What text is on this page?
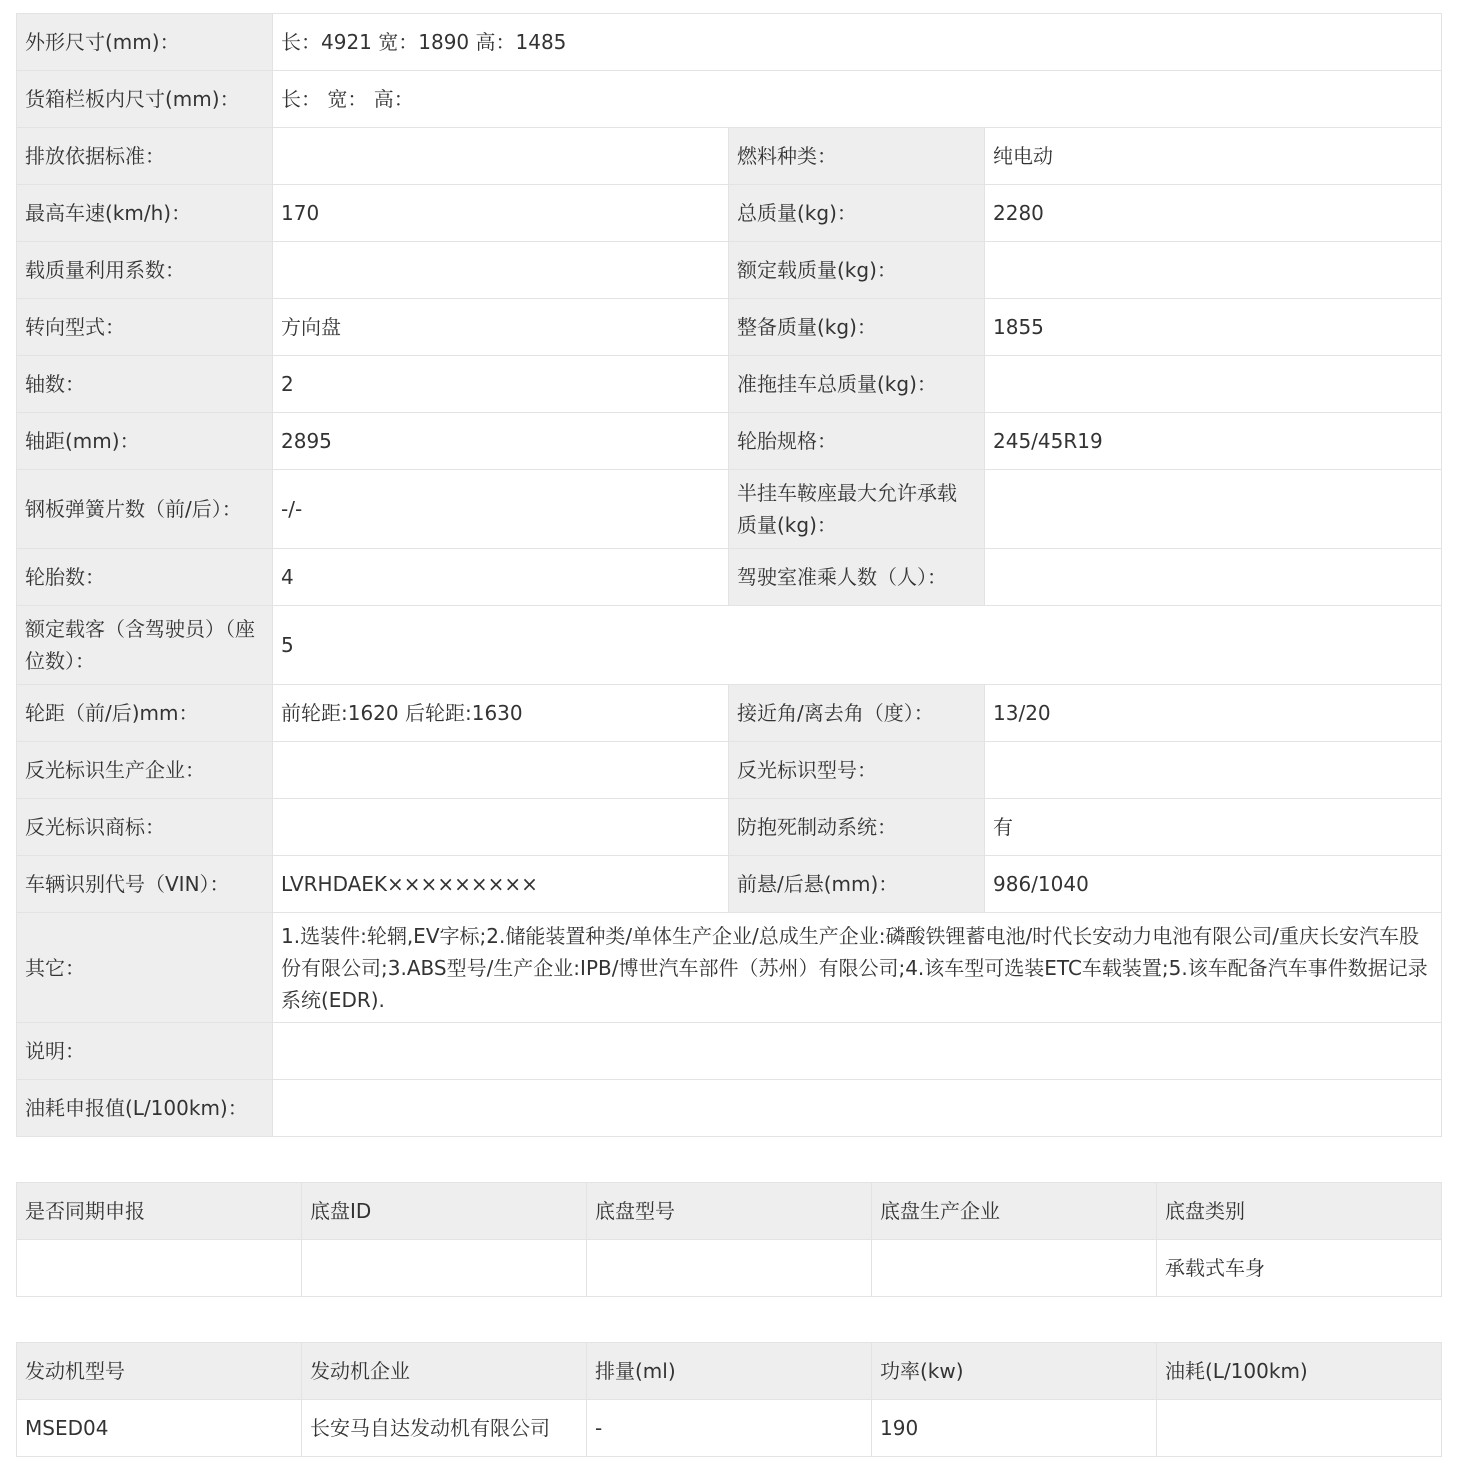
外形尺寸(mm)：	长：4921 宽：1890 高：1485		
货箱栏板内尺寸(mm)：	长： 宽： 高：		
排放依据标准：		燃料种类：	纯电动
最高车速(km/h)：	170	总质量(kg)：	2280
载质量利用系数：		额定载质量(kg)：	
转向型式：	方向盘	整备质量(kg)：	1855
轴数：	2	准拖挂车总质量(kg)：	
轴距(mm)：	2895	轮胎规格：	245/45R19
钢板弹簧片数（前/后）：	-/-	半挂车鞍座最大允许承载质量(kg)：	
轮胎数：	4	驾驶室准乘人数（人）：	
额定载客（含驾驶员）（座位数）：	5		
轮距（前/后)mm：	前轮距:1620 后轮距:1630	接近角/离去角（度）：	13/20
反光标识生产企业：		反光标识型号：	
反光标识商标：		防抱死制动系统：	有
车辆识别代号（VIN）：	LVRHDAEK×××××××××	前悬/后悬(mm)：	986/1040
其它：	1.选装件:轮辋,EV字标;2.储能装置种类/单体生产企业/总成生产企业:磷酸铁锂蓄电池/时代长安动力电池有限公司/重庆长安汽车股份有限公司;3.ABS型号/生产企业:IPB/博世汽车部件（苏州）有限公司;4.该车型可选装ETC车载装置;5.该车配备汽车事件数据记录系统(EDR).		
说明：			
油耗申报值(L/100km)：			
是否同期申报	底盘ID	底盘型号	底盘生产企业	底盘类别
				承载式车身
发动机型号	发动机企业	排量(ml)	功率(kw)	油耗(L/100km)
MSED04	长安马自达发动机有限公司	-	190	
